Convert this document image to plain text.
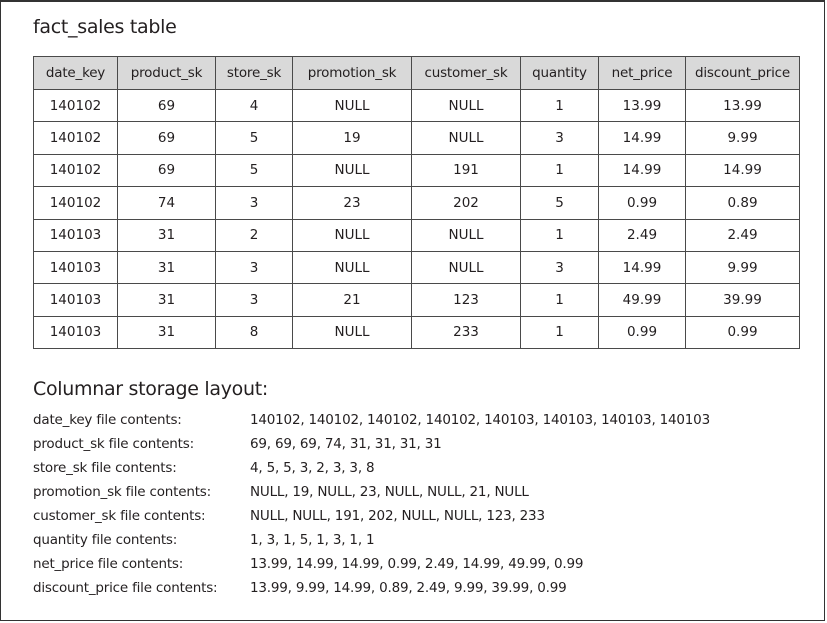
fact_sales table
date_key	product_sk	store_sk	promotion_sk	customer_sk	quantity	net_price	discount_price
140102	69	4	NULL	NULL	1	13.99	13.99
140102	69	5	19	NULL	3	14.99	9.99
140102	69	5	NULL	191	1	14.99	14.99
140102	74	3	23	202	5	0.99	0.89
140103	31	2	NULL	NULL	1	2.49	2.49
140103	31	3	NULL	NULL	3	14.99	9.99
140103	31	3	21	123	1	49.99	39.99
140103	31	8	NULL	233	1	0.99	0.99
Columnar storage layout:
date_key file contents:	140102, 140102, 140102, 140102, 140103, 140103, 140103, 140103
product_sk file contents:	69, 69, 69, 74, 31, 31, 31, 31
store_sk file contents:	4, 5, 5, 3, 2, 3, 3, 8
promotion_sk file contents:	NULL, 19, NULL, 23, NULL, NULL, 21, NULL
customer_sk file contents:	NULL, NULL, 191, 202, NULL, NULL, 123, 233
quantity file contents:	1, 3, 1, 5, 1, 3, 1, 1
net_price file contents:	13.99, 14.99, 14.99, 0.99, 2.49, 14.99, 49.99, 0.99
discount_price file contents:	13.99, 9.99, 14.99, 0.89, 2.49, 9.99, 39.99, 0.99
